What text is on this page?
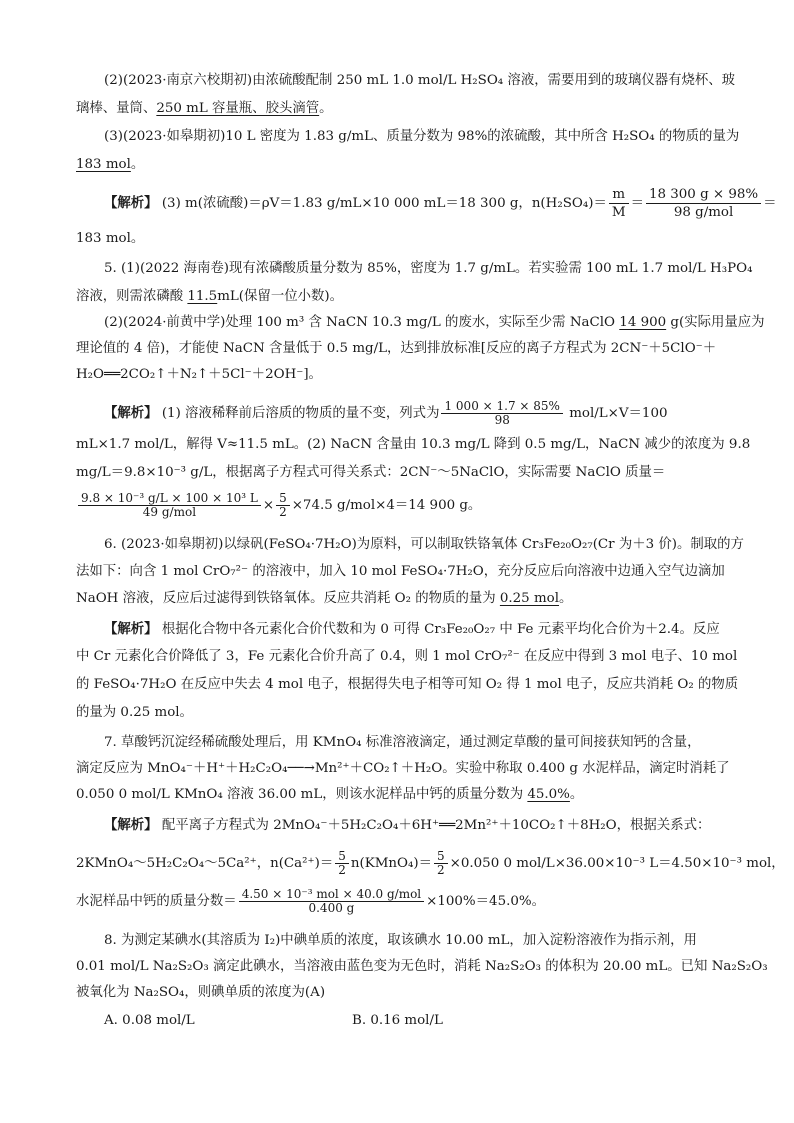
(2)(2023·南京六校期初)由浓硫酸配制 250 mL 1.0 mol/L H₂SO₄ 溶液，需要用到的玻璃仪器有烧杯、玻
璃棒、量筒、250 mL 容量瓶、胶头滴管。
(3)(2023·如皋期初)10 L 密度为 1.83 g/mL、质量分数为 98%的浓硫酸，其中所含 H₂SO₄ 的物质的量为
183 mol。
【解析】 (3) m(浓硫酸)＝ρV＝1.83 g/mL×10 000 mL＝18 300 g，$n(H_2SO_4)= \frac{m}{M} = \frac{18 300 g \times 98\%}{\text{98 g/mol}}$ ＝
183 mol。
5. (1)(2022 海南卷)现有浓磷酸质量分数为 85%，密度为 1.7 g/mL。若实验需 100 mL 1.7 mol/L H₃PO₄
溶液，则需浓磷酸 11.5mL(保留一位小数)。
(2)(2024·前黄中学)处理 100 m³ 含 NaCN 10.3 mg/L 的废水，实际至少需 NaClO 14 900 g(实际用量应为
理论值的 4 倍)，才能使 NaCN 含量低于 0.5 mg/L，达到排放标准[反应的离子方程式为 2CN⁻＋5ClO⁻＋
H₂O══2CO₂↑＋N₂↑＋5Cl⁻＋2OH⁻]。
【解析】 (1) 溶液稀释前后溶质的物质的量不变，列式为 $\frac{1 000 \times 1.7 \times 85\%}{98} mol/L\times V=100$
mL×1.7 mol/L，解得 V≈11.5 mL。(2) NaCN 含量由 10.3 mg/L 降到 0.5 mg/L，NaCN 减少的浓度为 9.8
mg/L＝9.8×10⁻³ g/L，根据离子方程式可得关系式：2CN⁻～5NaClO，实际需要 NaClO 质量＝
$\frac{\text{9.8 × 10⁻³ g/L × 100 × 10³ L}}{\text{49 g/mol}} \times \frac{5}{2} \times 74.5$ g/mol×4＝14 900 g。
6. (2023·如皋期初)以绿矾(FeSO₄·7H₂O)为原料，可以制取铁铬氧体 Cr₃Fe₂₀O₂₇(Cr 为＋3 价)。制取的方
法如下：向含 1 mol CrO₇²⁻ 的溶液中，加入 10 mol FeSO₄·7H₂O，充分反应后向溶液中边通入空气边滴加
NaOH 溶液，反应后过滤得到铁铬氧体。反应共消耗 O₂ 的物质的量为 0.25 mol。
【解析】 根据化合物中各元素化合价代数和为 0 可得 Cr₃Fe₂₀O₂₇ 中 Fe 元素平均化合价为＋2.4。反应
中 Cr 元素化合价降低了 3，Fe 元素化合价升高了 0.4，则 1 mol CrO₇²⁻ 在反应中得到 3 mol 电子、10 mol
的 FeSO₄·7H₂O 在反应中失去 4 mol 电子，根据得失电子相等可知 O₂ 得 1 mol 电子，反应共消耗 O₂ 的物质
的量为 0.25 mol。
7. 草酸钙沉淀经稀硫酸处理后，用 KMnO₄ 标准溶液滴定，通过测定草酸的量可间接获知钙的含量，
滴定反应为 MnO₄⁻＋H⁺＋H₂C₂O₄──→Mn²⁺＋CO₂↑＋H₂O。实验中称取 0.400 g 水泥样品，滴定时消耗了
0.050 0 mol/L KMnO₄ 溶液 36.00 mL，则该水泥样品中钙的质量分数为 45.0%。
【解析】 配平离子方程式为 2MnO₄⁻＋5H₂C₂O₄＋6H⁺══2Mn²⁺＋10CO₂↑＋8H₂O，根据关系式：
2KMnO₄～5H₂C₂O₄～5Ca²⁺，$n(Ca^{2+})= \frac{5}{2}$ n(KMnO₄)＝ $\frac{5}{2} \times 0.050$ 0 mol/L×36.00×10⁻³ L＝4.50×10⁻³ mol，
水泥样品中钙的质量分数＝ $\frac{\text{4.50 × 10⁻³ mol × 40.0 g/mol}}{0.400 g} \times 100\%=45.0\%$。
8. 为测定某碘水(其溶质为 I₂)中碘单质的浓度，取该碘水 10.00 mL，加入淀粉溶液作为指示剂，用
0.01 mol/L Na₂S₂O₃ 滴定此碘水，当溶液由蓝色变为无色时，消耗 Na₂S₂O₃ 的体积为 20.00 mL。已知 Na₂S₂O₃
被氧化为 Na₂SO₄，则碘单质的浓度为(A)
A. 0.08 mol/L	B. 0.16 mol/L
